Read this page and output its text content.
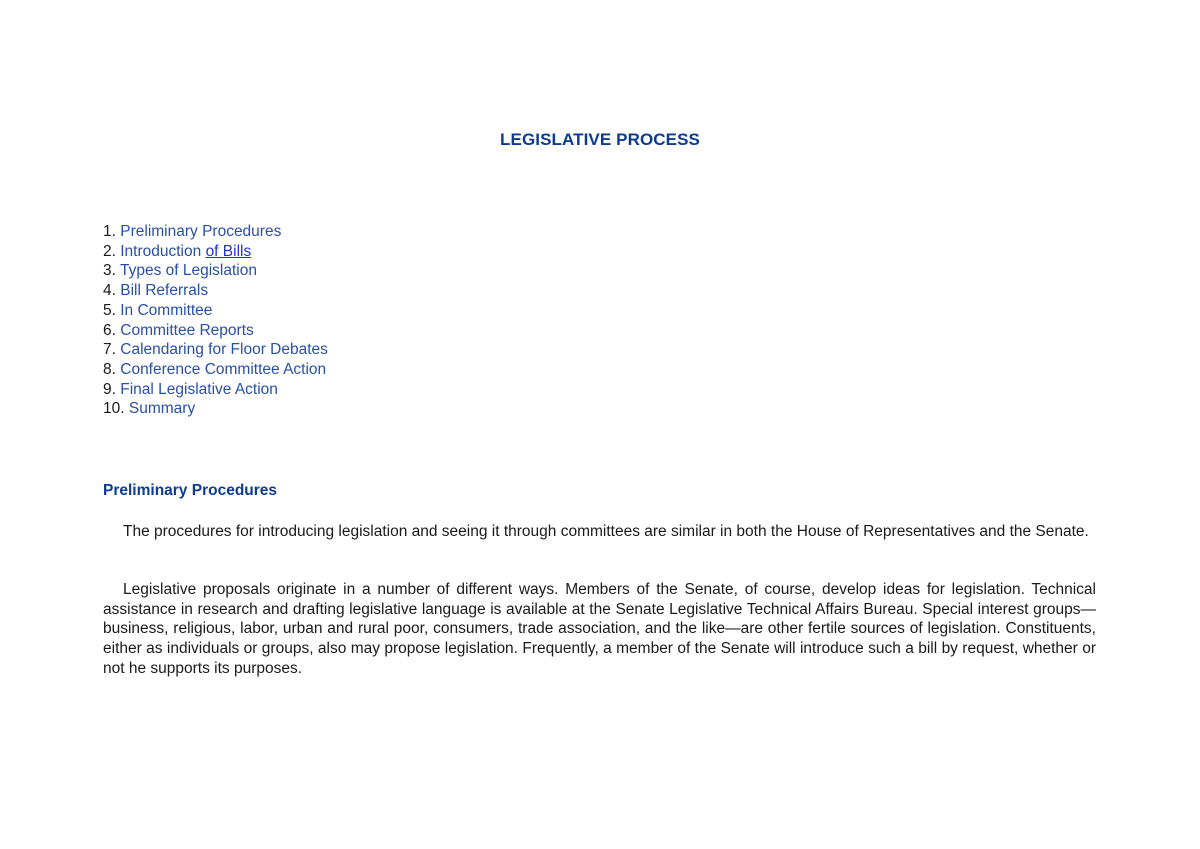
LEGISLATIVE PROCESS
1. Preliminary Procedures
2. Introduction of Bills
3. Types of Legislation
4. Bill Referrals
5. In Committee
6. Committee Reports
7. Calendaring for Floor Debates
8. Conference Committee Action
9. Final Legislative Action
10. Summary
Preliminary Procedures

The procedures for introducing legislation and seeing it through committees are similar in both the House of Representatives and the Senate.

Legislative proposals originate in a number of different ways. Members of the Senate, of course, develop ideas for legislation. Technical assistance in research and drafting legislative language is available at the Senate Legislative Technical Affairs Bureau. Special interest groups—business, religious, labor, urban and rural poor, consumers, trade association, and the like—are other fertile sources of legislation. Constituents, either as individuals or groups, also may propose legislation. Frequently, a member of the Senate will introduce such a bill by request, whether or not he supports its purposes.
